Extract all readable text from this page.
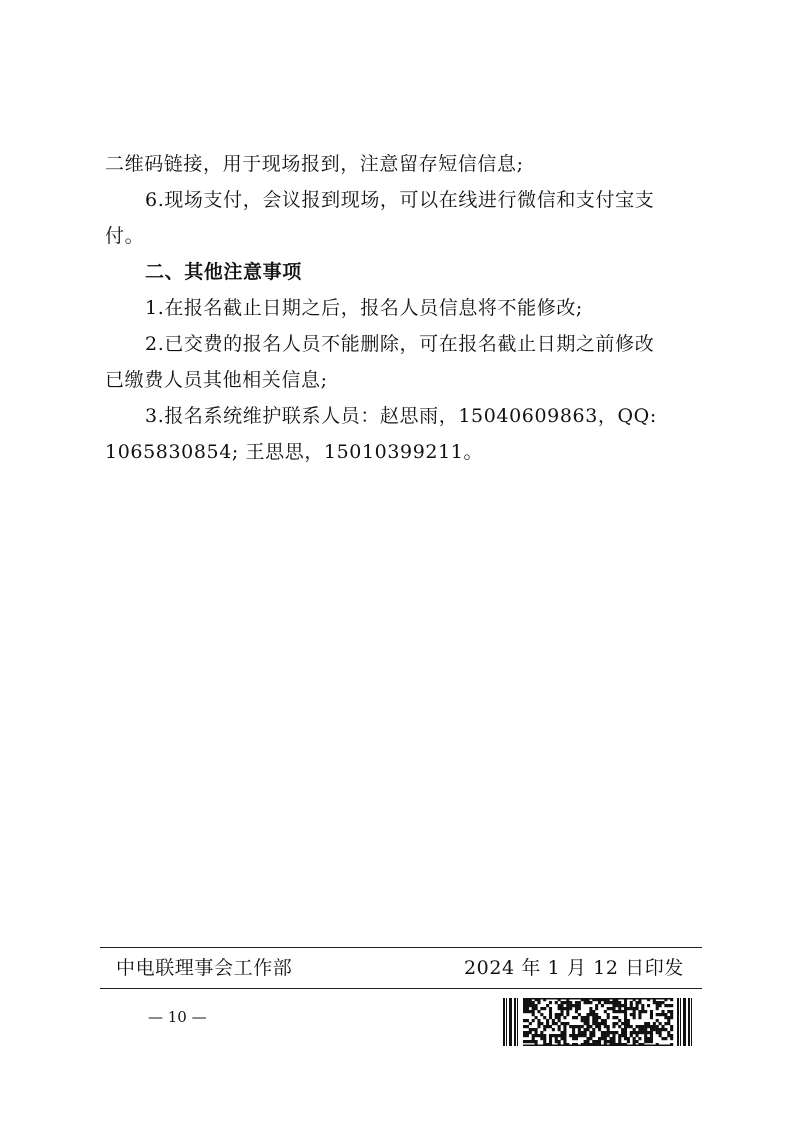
二维码链接，用于现场报到，注意留存短信信息;
6.现场支付，会议报到现场，可以在线进行微信和支付宝支
付。
二、其他注意事项
1.在报名截止日期之后，报名人员信息将不能修改;
2.已交费的报名人员不能删除，可在报名截止日期之前修改
已缴费人员其他相关信息;
3.报名系统维护联系人员：赵思雨，15040609863，QQ:
1065830854; 王思思，15010399211。
中电联理事会工作部	2024 年 1 月 12 日印发
— 10 —
